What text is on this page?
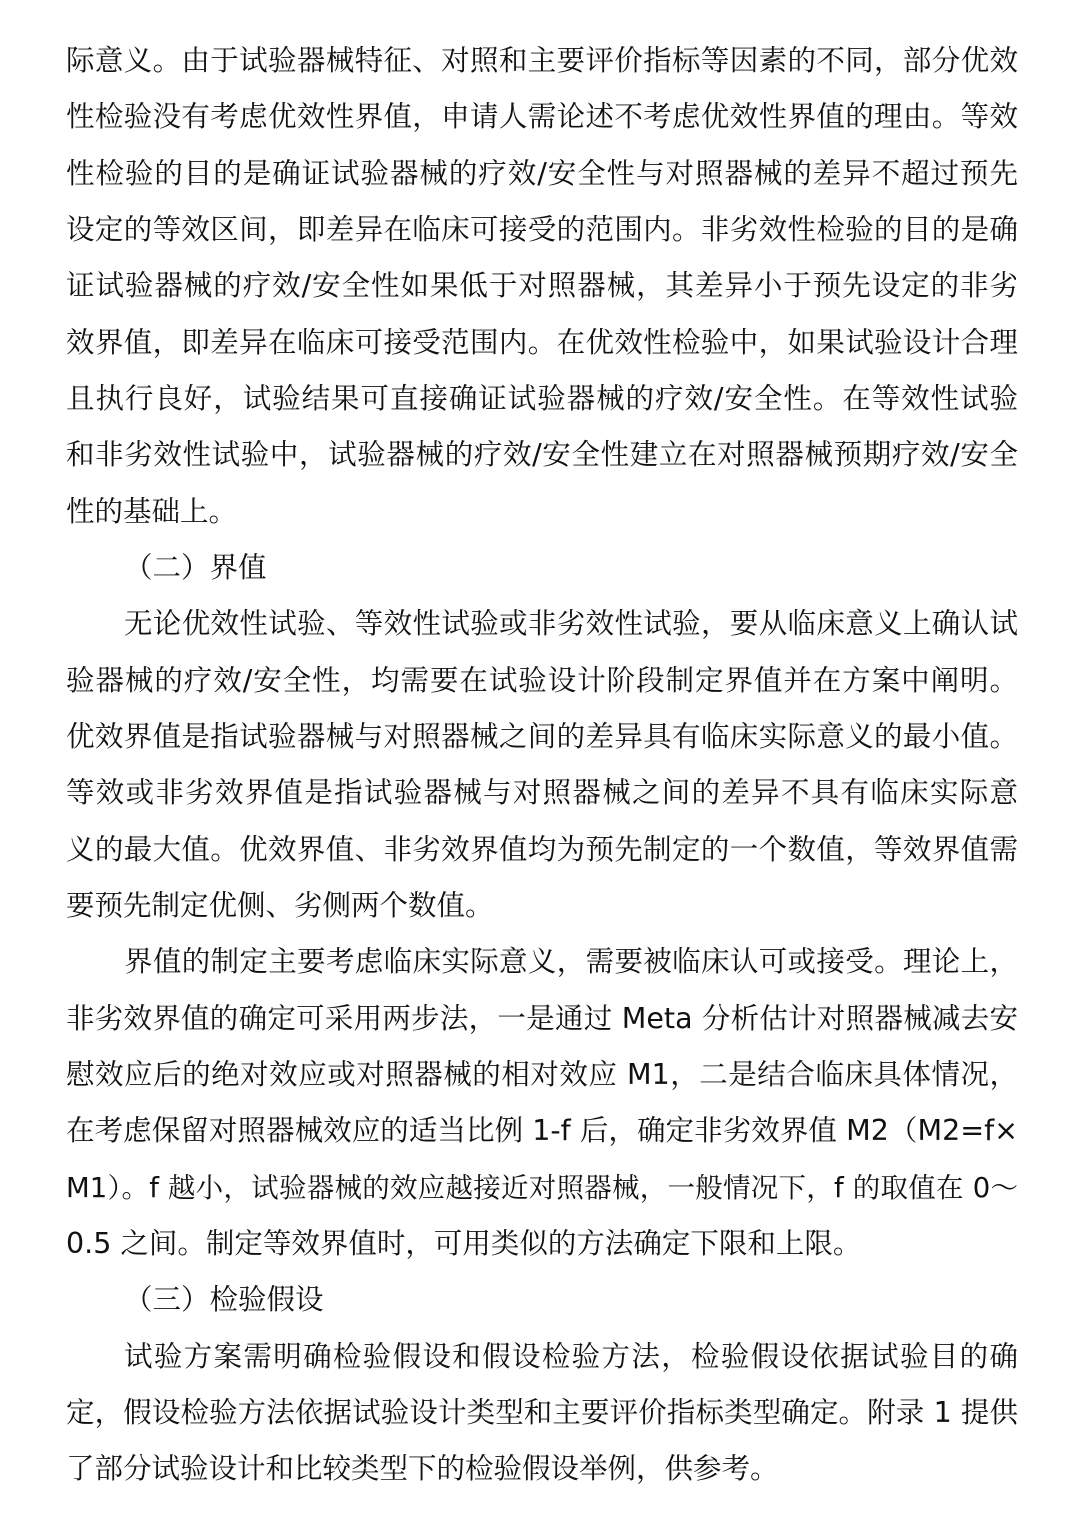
际意义。由于试验器械特征、对照和主要评价指标等因素的不同，部分优效
性检验没有考虑优效性界值，申请人需论述不考虑优效性界值的理由。等效
性检验的目的是确证试验器械的疗效/安全性与对照器械的差异不超过预先
设定的等效区间，即差异在临床可接受的范围内。非劣效性检验的目的是确
证试验器械的疗效/安全性如果低于对照器械，其差异小于预先设定的非劣
效界值，即差异在临床可接受范围内。在优效性检验中，如果试验设计合理
且执行良好，试验结果可直接确证试验器械的疗效/安全性。在等效性试验
和非劣效性试验中，试验器械的疗效/安全性建立在对照器械预期疗效/安全
性的基础上。
（二）界值
无论优效性试验、等效性试验或非劣效性试验，要从临床意义上确认试
验器械的疗效/安全性，均需要在试验设计阶段制定界值并在方案中阐明。
优效界值是指试验器械与对照器械之间的差异具有临床实际意义的最小值。
等效或非劣效界值是指试验器械与对照器械之间的差异不具有临床实际意
义的最大值。优效界值、非劣效界值均为预先制定的一个数值，等效界值需
要预先制定优侧、劣侧两个数值。
界值的制定主要考虑临床实际意义，需要被临床认可或接受。理论上，
非劣效界值的确定可采用两步法，一是通过 Meta 分析估计对照器械减去安
慰效应后的绝对效应或对照器械的相对效应 M1，二是结合临床具体情况，
在考虑保留对照器械效应的适当比例 1-f 后，确定非劣效界值 M2（M2=f×
M1）。f 越小，试验器械的效应越接近对照器械，一般情况下，f 的取值在 0～
0.5 之间。制定等效界值时，可用类似的方法确定下限和上限。
（三）检验假设
试验方案需明确检验假设和假设检验方法，检验假设依据试验目的确
定，假设检验方法依据试验设计类型和主要评价指标类型确定。附录 1 提供
了部分试验设计和比较类型下的检验假设举例，供参考。
